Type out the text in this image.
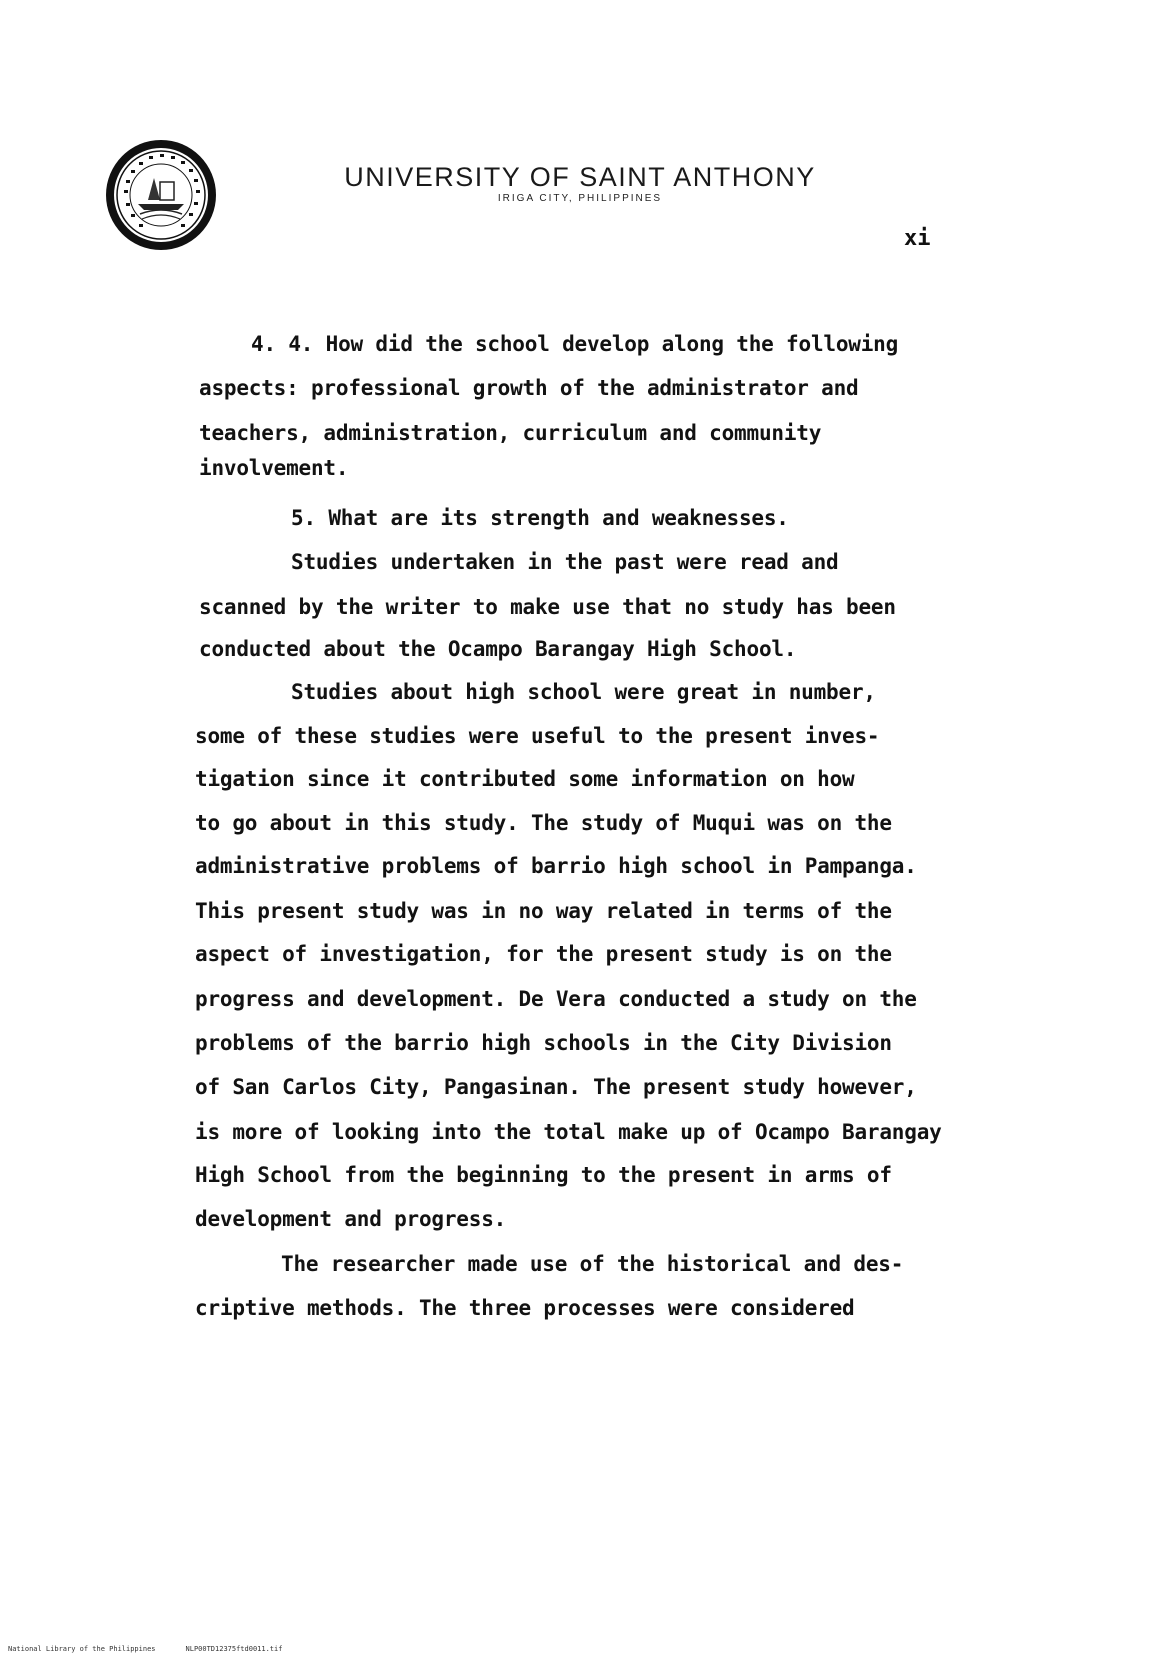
UNIVERSITY OF SAINT ANTHONY
IRIGA CITY, PHILIPPINES
xi
4. 4. How did the school develop along the following
aspects: professional growth of the administrator and
teachers, administration, curriculum and community
involvement.
5. What are its strength and weaknesses.
Studies undertaken in the past were read and
scanned by the writer to make use that no study has been
conducted about the Ocampo Barangay High School.
Studies about high school were great in number,
some of these studies were useful to the present inves-
tigation since it contributed some information on how
to go about in this study. The study of Muqui was on the
administrative problems of barrio high school in Pampanga.
This present study was in no way related in terms of the
aspect of investigation, for the present study is on the
progress and development. De Vera conducted a study on the
problems of the barrio high schools in the City Division
of San Carlos City, Pangasinan. The present study however,
is more of looking into the total make up of Ocampo Barangay
High School from the beginning to the present in arms of
development and progress.
The researcher made use of the historical and des-
criptive methods. The three processes were considered
National Library of the Philippines	NLP00TD12375ftd0011.tif
